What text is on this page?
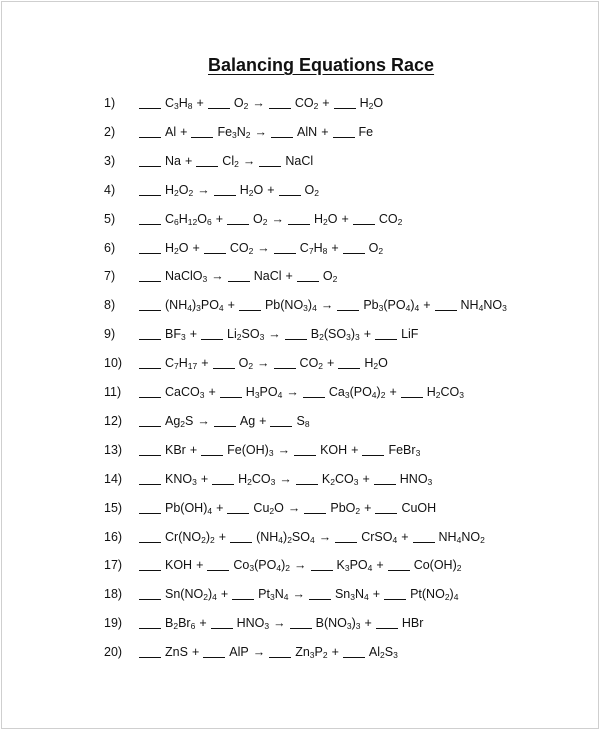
Balancing Equations Race
1)	$C_3H_8 + O_2 \to CO_2 + H_2O$
2)	$Al + Fe_3N_2$ → AlN + Fe
3)	$Na + Cl_2$ → NaCl
4)	$H_2O_2 \to H_2O + O_2$
5)	$C_6H_{12}O_6 + O_2 \to H_2O + CO_2$
6)	$H_2O + CO_2 \to C_7H_8 + O_2$
7)	NaClO$_3$ → NaCl + $O_2$
8)	$(NH_4)_3PO_4 + Pb(NO_3)_4 \to Pb_3(PO_4)_4 + NH_4NO_3$
9)	$BF_3 + Li_2SO_3 \to B_2(SO_3)_3$ + LiF
10)	$C_7H_{17} + O_2 \to CO_2 + H_2O$
11)	CaCO$_3$ + $H_3PO_4 \to Ca_3(PO_4)_2 + H_2CO_3$
12)	$Ag_2S \to Ag + S_8$
13)	KBr + $Fe(OH)_3$ → KOH + FeBr$_3$
14)	$KNO_3 + H_2CO_3 \to K_2CO_3 + HNO_3$
15)	$Pb(OH)_4 + Cu_2O \to PbO_2$ + CuOH
16)	$Cr(NO_2)_2 + (NH_4)_2SO_4$ → CrSO$_4$ + $NH_4NO_2$
17)	KOH + $Co_3(PO_4)_2 \to K_3PO_4 + Co(OH)_2$
18)	$Sn(NO_2)_4 + Pt_3N_4 \to Sn_3N_4 + Pt(NO_2)_4$
19)	$B_2Br_6 + HNO_3 \to B(NO_3)_3$ + HBr
20)	ZnS + AlP → $Zn_3P_2 + Al_2S_3$
